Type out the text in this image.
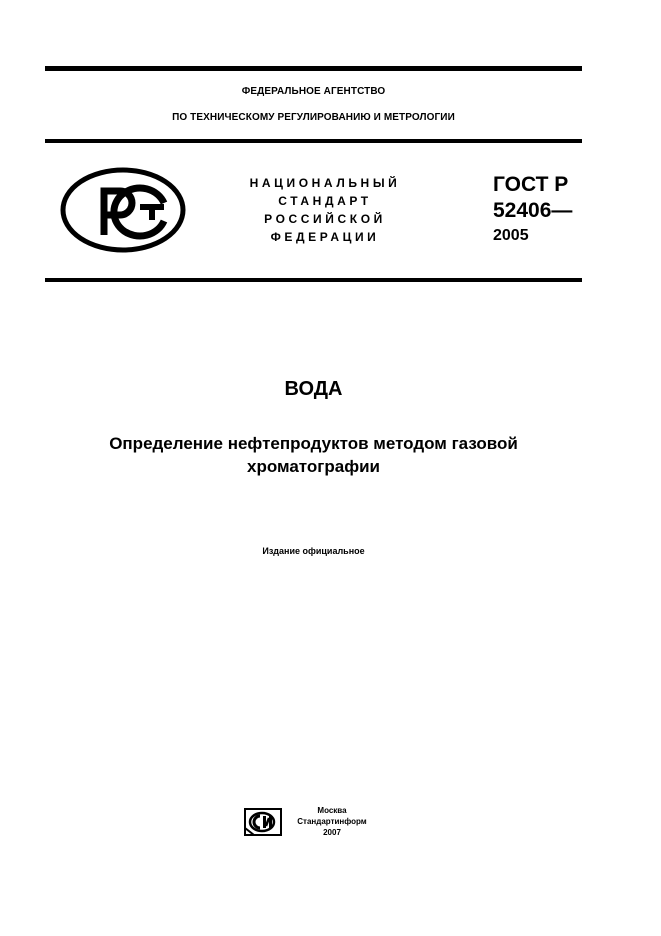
ФЕДЕРАЛЬНОЕ АГЕНТСТВО
ПО ТЕХНИЧЕСКОМУ РЕГУЛИРОВАНИЮ И МЕТРОЛОГИИ
НАЦИОНАЛЬНЫЙ
СТАНДАРТ
РОССИЙСКОЙ
ФЕДЕРАЦИИ
ГОСТ Р
52406—
2005
ВОДА
Определение нефтепродуктов методом газовой
хроматографии
Издание официальное
Москва
Стандартинформ
2007
